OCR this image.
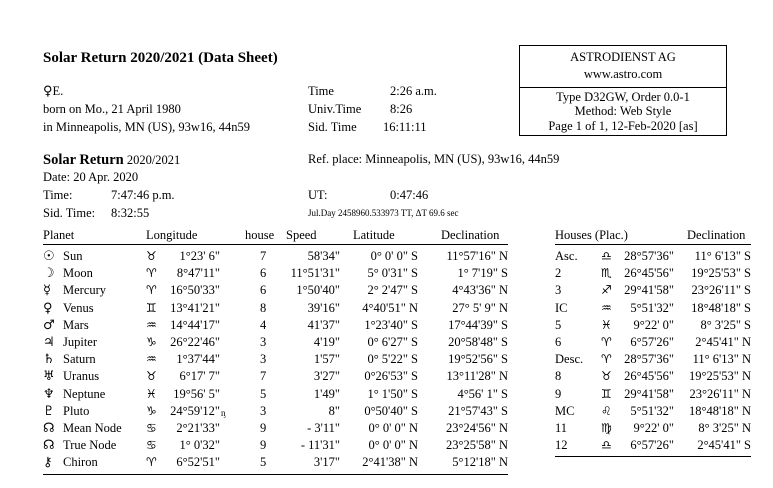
Solar Return 2020/2021 (Data Sheet)
♀E.
born on Mo., 21 April 1980
in Minneapolis, MN (US), 93w16, 44n59
Time	2:26 a.m.
Univ.Time 8:26
Sid. Time 16:11:11
ASTRODIENST AG
www.astro.com
Type D32GW, Order 0.0-1
Method: Web Style
Page 1 of 1, 12-Feb-2020 [as]
Solar Return 2020/2021
Date: 20 Apr. 2020
Time:	7:47:46 p.m.
Sid. Time: 8:32:55
Ref. place: Minneapolis, MN (US), 93w16, 44n59
UT:	0:47:46
Jul.Day 2458960.533973 TT, ΔT 69.6 sec
Planet	Longitude	house Speed	Latitude	Declination
☉ Sun	♉	1°23' 6"	7	58'34"	0° 0' 0" S	11°57'16" N
☽ Moon	♈	8°47'11"	6	11°51'31"	5° 0'31" S	1° 7'19" S
☿ Mercury	♈	16°50'33"	6	1°50'40"	2° 2'47" S	4°43'36" N
♀ Venus	♊	13°41'21"	8	39'16"	4°40'51" N	27° 5' 9" N
♂ Mars	♒	14°44'17"	4	41'37"	1°23'40" S	17°44'39" S
♃ Jupiter	♑	26°22'46"	3	4'19"	0° 6'27" S	20°58'48" S
♄ Saturn	♒	1°37'44"	3	1'57"	0° 5'22" S	19°52'56" S
♅ Uranus	♉	6°17' 7"	7	3'27"	0°26'53" S	13°11'28" N
♆ Neptune	♓	19°56' 5"	5	1'49"	1° 1'50" S	4°56' 1" S
♇ Pluto	♑	24°59'12" ᶇ	3	8"	0°50'40" S	21°57'43" S
☊ Mean Node ♋	2°21'33"	9	- 3'11"	0° 0' 0" N	23°24'56" N
☊ True Node ♋	1° 0'32"	9	- 11'31"	0° 0' 0" N	23°25'58" N
⚷ Chiron	♈	6°52'51"	5	3'17"	2°41'38" N	5°12'18" N
Houses (Plac.)	Declination
Asc. ♎ 28°57'36"	11° 6'13" S
2	♏ 26°45'56"	19°25'53" S
3	♐ 29°41'58"	23°26'11" S
IC	♒	5°51'32"	18°48'18" S
5	♓	9°22' 0"	8° 3'25" S
6	♈	6°57'26"	2°45'41" N
Desc. ♈ 28°57'36"	11° 6'13" N
8	♉ 26°45'56"	19°25'53" N
9	♊ 29°41'58"	23°26'11" N
MC ♌	5°51'32"	18°48'18" N
11	♍	9°22' 0"	8° 3'25" N
12	♎	6°57'26"	2°45'41" S
